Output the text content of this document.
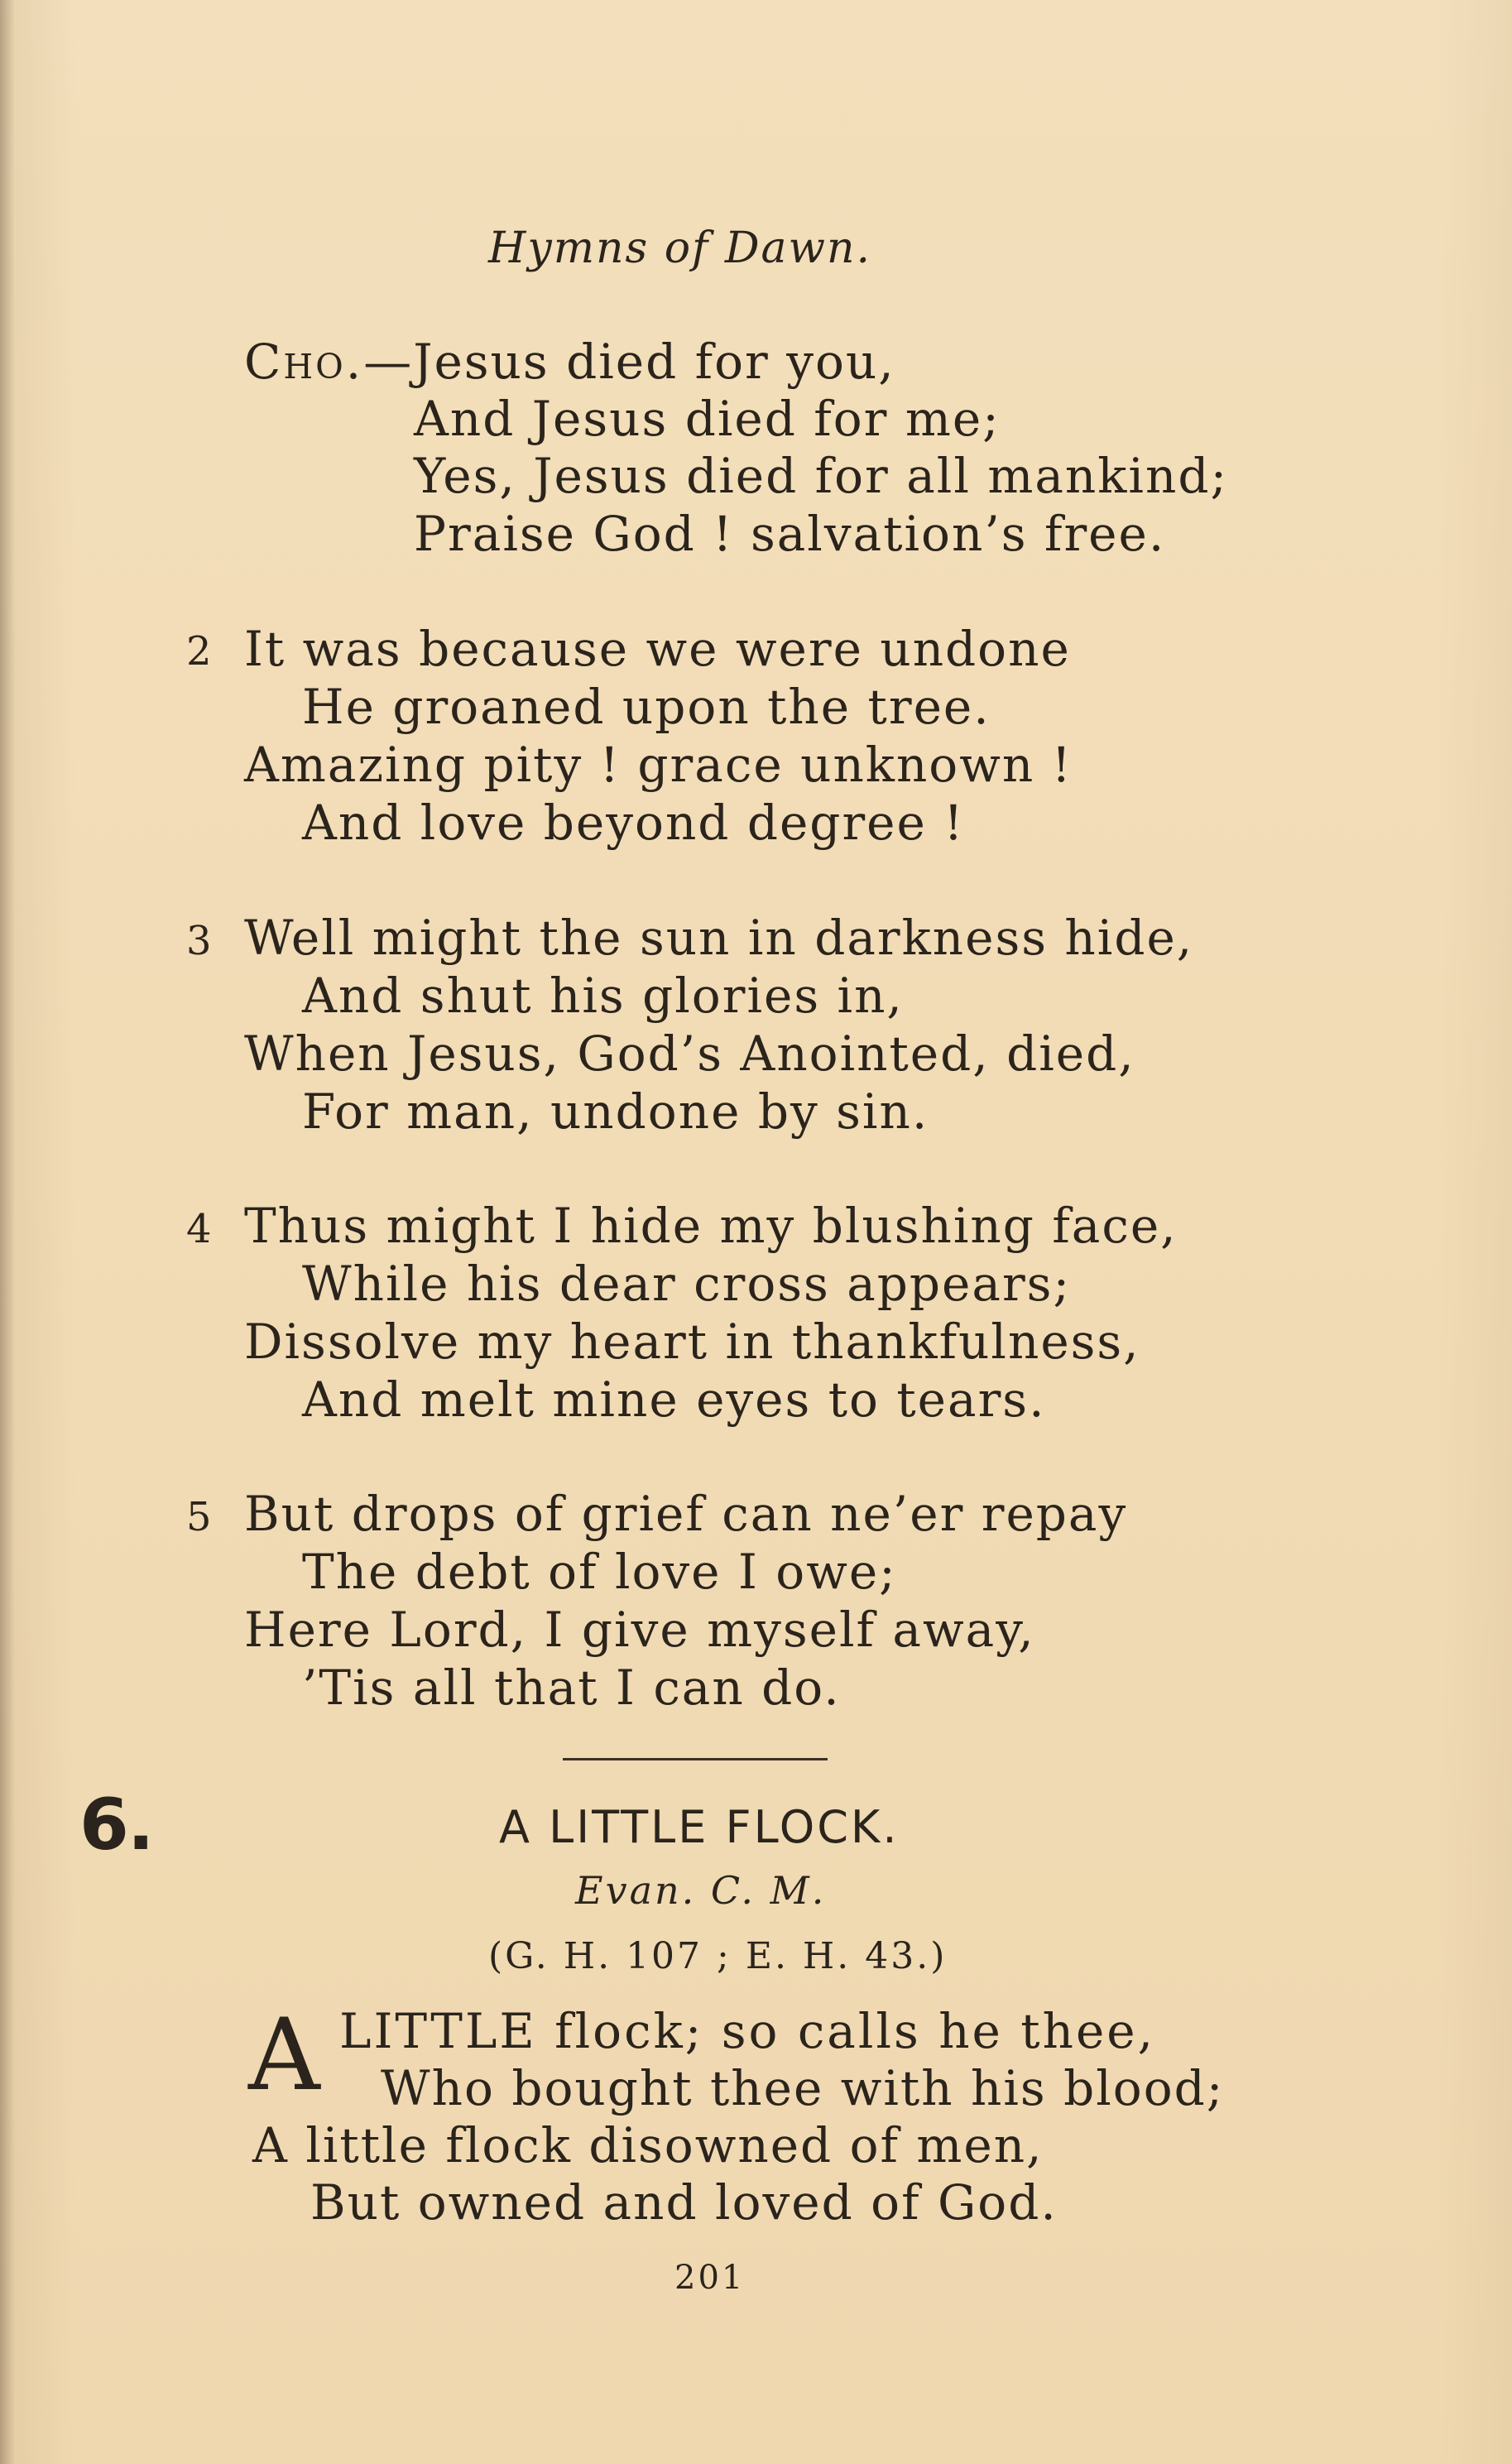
Hymns of Dawn.
Cho.—Jesus died for you,
And Jesus died for me;
Yes, Jesus died for all mankind;
Praise God ! salvation’s free.
2 It was because we were undone
He groaned upon the tree.
Amazing pity ! grace unknown !
And love beyond degree !
3 Well might the sun in darkness hide,
And shut his glories in,
When Jesus, God’s Anointed, died,
For man, undone by sin.
4 Thus might I hide my blushing face,
While his dear cross appears;
Dissolve my heart in thankfulness,
And melt mine eyes to tears.
5 But drops of grief can ne’er repay
The debt of love I owe;
Here Lord, I give myself away,
’Tis all that I can do.
6.	A LITTLE FLOCK.
Evan. C. M.
(G. H. 107 ; E. H. 43.)
A LITTLE flock; so calls he thee,
Who bought thee with his blood;
A little flock disowned of men,
But owned and loved of God.
201
